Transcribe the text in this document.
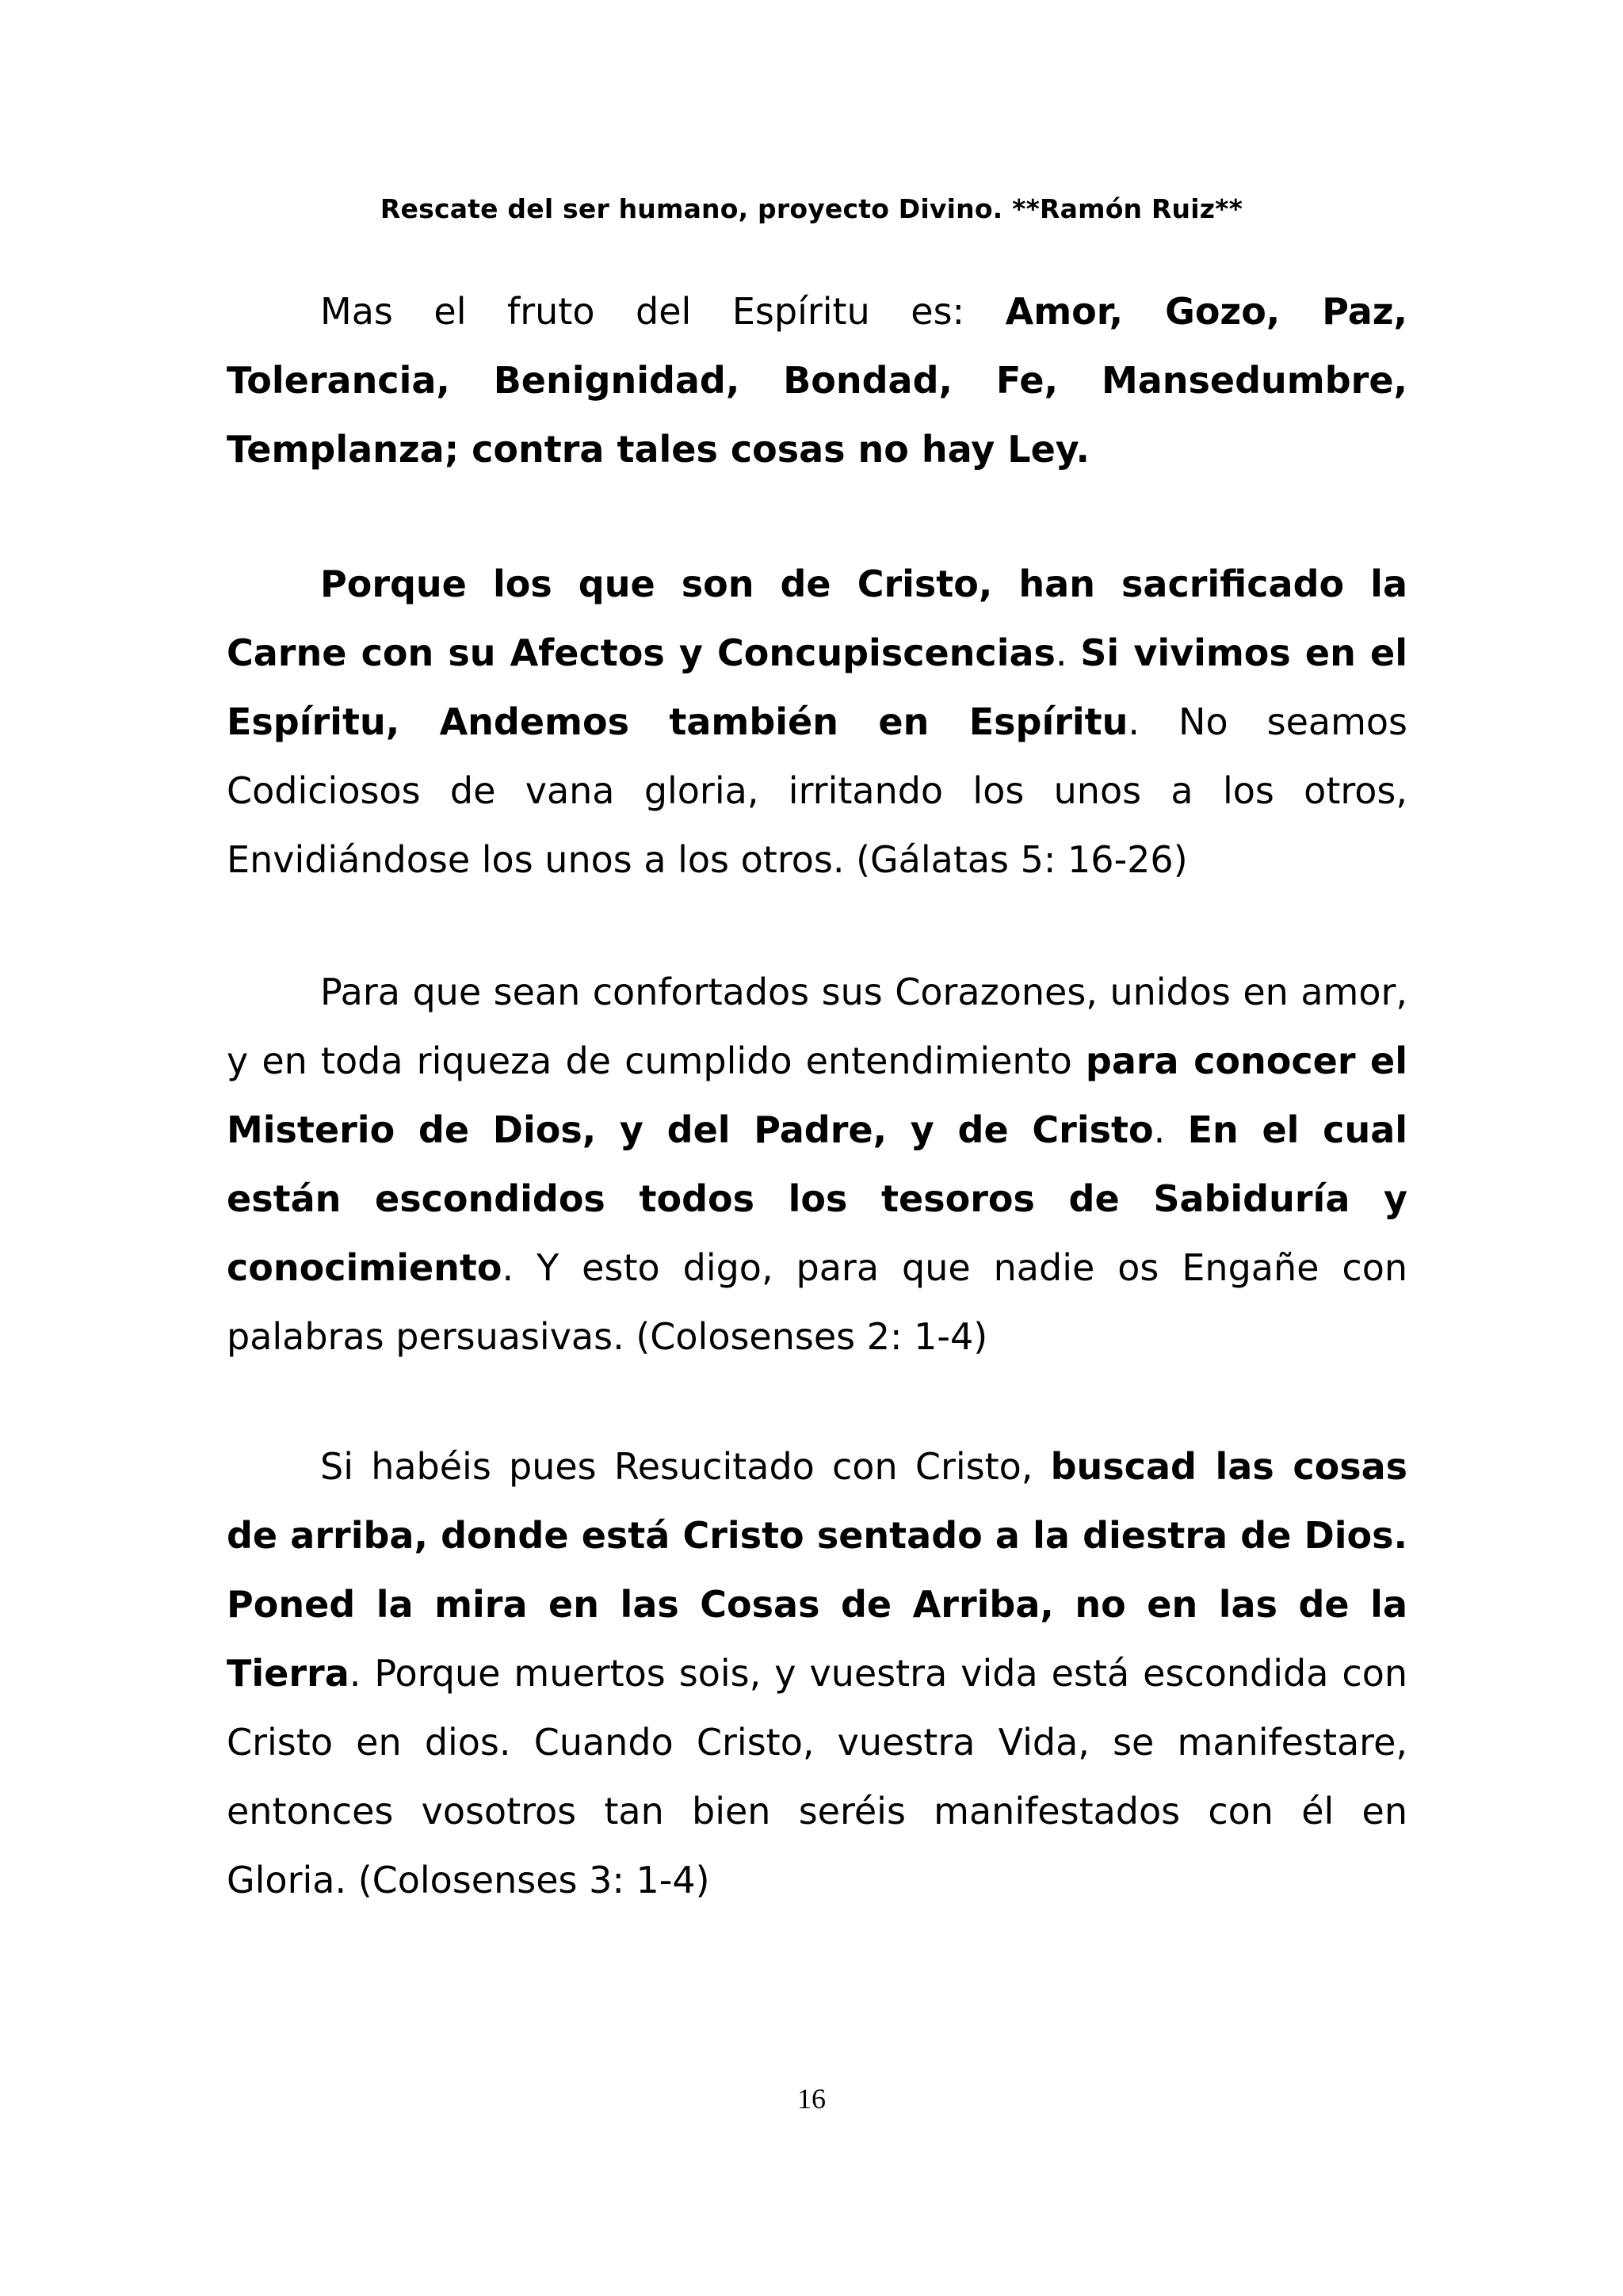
Rescate del ser humano, proyecto Divino. **Ramón Ruiz**

Mas el fruto del Espíritu es: Amor, Gozo, Paz, Tolerancia, Benignidad, Bondad, Fe, Mansedumbre, Templanza; contra tales cosas no hay Ley.

Porque los que son de Cristo, han sacrificado la Carne con su Afectos y Concupiscencias. Si vivimos en el Espíritu, Andemos también en Espíritu. No seamos Codiciosos de vana gloria, irritando los unos a los otros, Envidiándose los unos a los otros. (Gálatas 5: 16-26)

Para que sean confortados sus Corazones, unidos en amor, y en toda riqueza de cumplido entendimiento para conocer el Misterio de Dios, y del Padre, y de Cristo. En el cual están escondidos todos los tesoros de Sabiduría y conocimiento. Y esto digo, para que nadie os Engañe con palabras persuasivas. (Colosenses 2: 1-4)

Si habéis pues Resucitado con Cristo, buscad las cosas de arriba, donde está Cristo sentado a la diestra de Dios. Poned la mira en las Cosas de Arriba, no en las de la Tierra. Porque muertos sois, y vuestra vida está escondida con Cristo en dios. Cuando Cristo, vuestra Vida, se manifestare, entonces vosotros tan bien seréis manifestados con él en Gloria. (Colosenses 3: 1-4)

16
